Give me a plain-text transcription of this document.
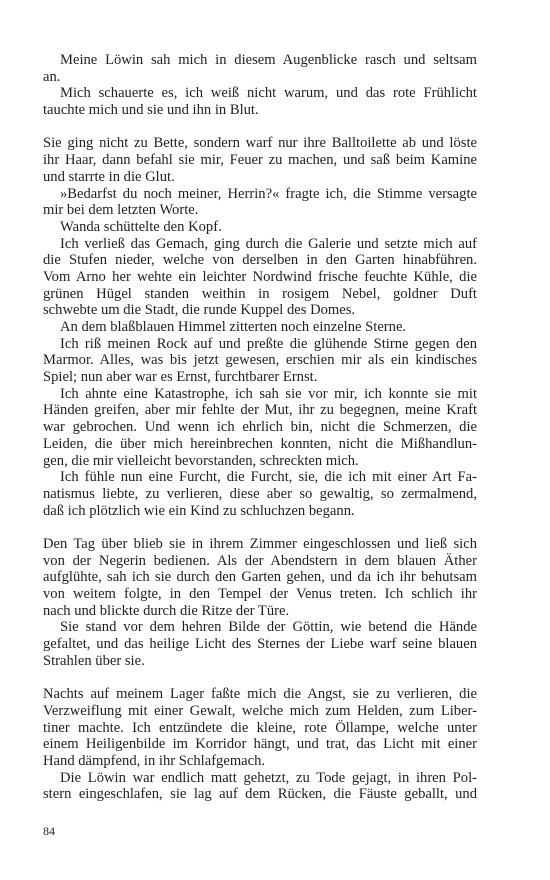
Meine Löwin sah mich in diesem Augenblicke rasch und seltsam
an.
Mich schauerte es, ich weiß nicht warum, und das rote Frühlicht
tauchte mich und sie und ihn in Blut.
Sie ging nicht zu Bette, sondern warf nur ihre Balltoilette ab und löste
ihr Haar, dann befahl sie mir, Feuer zu machen, und saß beim Kamine
und starrte in die Glut.
»Bedarfst du noch meiner, Herrin?« fragte ich, die Stimme versagte
mir bei dem letzten Worte.
Wanda schüttelte den Kopf.
Ich verließ das Gemach, ging durch die Galerie und setzte mich auf
die Stufen nieder, welche von derselben in den Garten hinabführen.
Vom Arno her wehte ein leichter Nordwind frische feuchte Kühle, die
grünen Hügel standen weithin in rosigem Nebel, goldner Duft
schwebte um die Stadt, die runde Kuppel des Domes.
An dem blaßblauen Himmel zitterten noch einzelne Sterne.
Ich riß meinen Rock auf und preßte die glühende Stirne gegen den
Marmor. Alles, was bis jetzt gewesen, erschien mir als ein kindisches
Spiel; nun aber war es Ernst, furchtbarer Ernst.
Ich ahnte eine Katastrophe, ich sah sie vor mir, ich konnte sie mit
Händen greifen, aber mir fehlte der Mut, ihr zu begegnen, meine Kraft
war gebrochen. Und wenn ich ehrlich bin, nicht die Schmerzen, die
Leiden, die über mich hereinbrechen konnten, nicht die Mißhandlun-
gen, die mir vielleicht bevorstanden, schreckten mich.
Ich fühle nun eine Furcht, die Furcht, sie, die ich mit einer Art Fa-
natismus liebte, zu verlieren, diese aber so gewaltig, so zermalmend,
daß ich plötzlich wie ein Kind zu schluchzen begann.
Den Tag über blieb sie in ihrem Zimmer eingeschlossen und ließ sich
von der Negerin bedienen. Als der Abendstern in dem blauen Äther
aufglühte, sah ich sie durch den Garten gehen, und da ich ihr behutsam
von weitem folgte, in den Tempel der Venus treten. Ich schlich ihr
nach und blickte durch die Ritze der Türe.
Sie stand vor dem hehren Bilde der Göttin, wie betend die Hände
gefaltet, und das heilige Licht des Sternes der Liebe warf seine blauen
Strahlen über sie.
Nachts auf meinem Lager faßte mich die Angst, sie zu verlieren, die
Verzweiflung mit einer Gewalt, welche mich zum Helden, zum Liber-
tiner machte. Ich entzündete die kleine, rote Öllampe, welche unter
einem Heiligenbilde im Korridor hängt, und trat, das Licht mit einer
Hand dämpfend, in ihr Schlafgemach.
Die Löwin war endlich matt gehetzt, zu Tode gejagt, in ihren Pol-
stern eingeschlafen, sie lag auf dem Rücken, die Fäuste geballt, und
84
